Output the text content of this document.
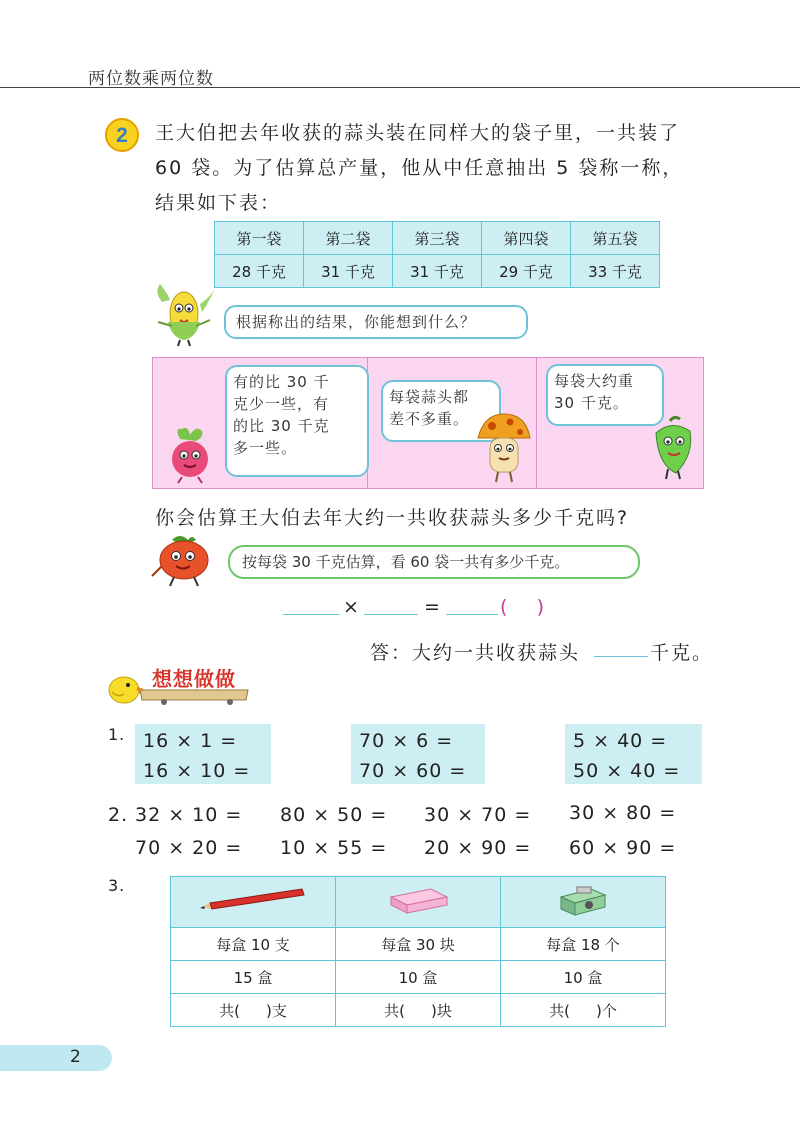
两位数乘两位数
2 王大伯把去年收获的蒜头装在同样大的袋子里，一共装了
60 袋。为了估算总产量，他从中任意抽出 5 袋称一称，
结果如下表：
第一袋	第二袋	第三袋	第四袋	第五袋
28 千克	31 千克	31 千克	29 千克	33 千克
根据称出的结果，你能想到什么？
有的比 30 千
克少一些，有
的比 30 千克
多一些。
每袋蒜头都
差不多重。
每袋大约重
30 千克。
你会估算王大伯去年大约一共收获蒜头多少千克吗?
按每袋 30 千克估算，看 60 袋一共有多少千克。
×	=	(    )
答：大约一共收获蒜头	千克。
想想做做
1. 16 × 1 =
16 × 10 =
70 × 6 =
70 × 60 =
5 × 40 =
50 × 40 =
2. 32 × 10 = 80 × 50 = 30 × 70 = 30 × 80 =
70 × 20 = 10 × 55 = 20 × 90 = 60 × 90 =
3.

每盒 10 支	每盒 30 块	每盒 18 个
15 盒	10 盒	10 盒
共( )支	共( )块	共( )个
2
